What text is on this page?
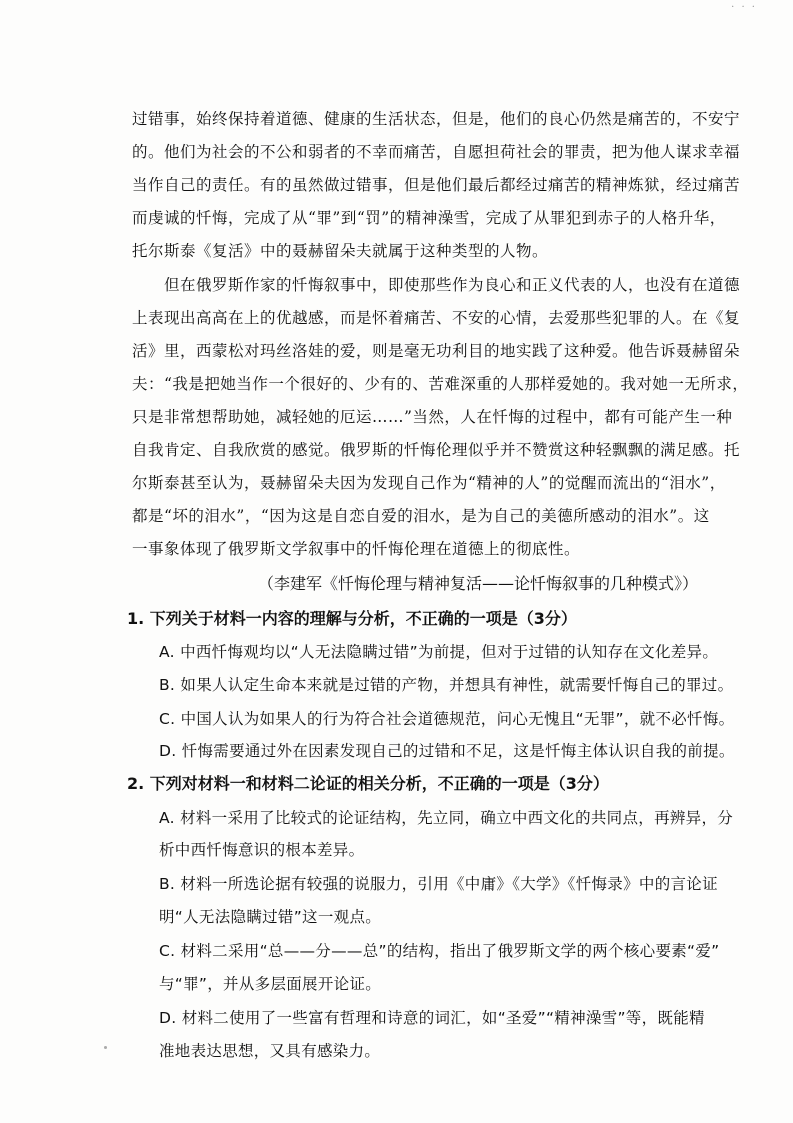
· · ·
过错事，始终保持着道德、健康的生活状态，但是，他们的良心仍然是痛苦的，不安宁
的。他们为社会的不公和弱者的不幸而痛苦，自愿担荷社会的罪责，把为他人谋求幸福
当作自己的责任。有的虽然做过错事，但是他们最后都经过痛苦的精神炼狱，经过痛苦
而虔诚的忏悔，完成了从“罪”到“罚”的精神澡雪，完成了从罪犯到赤子的人格升华，
托尔斯泰《复活》中的聂赫留朵夫就属于这种类型的人物。
　　但在俄罗斯作家的忏悔叙事中，即使那些作为良心和正义代表的人，也没有在道德
上表现出高高在上的优越感，而是怀着痛苦、不安的心情，去爱那些犯罪的人。在《复
活》里，西蒙松对玛丝洛娃的爱，则是毫无功利目的地实践了这种爱。他告诉聂赫留朵
夫：“我是把她当作一个很好的、少有的、苦难深重的人那样爱她的。我对她一无所求，
只是非常想帮助她，减轻她的厄运……”当然，人在忏悔的过程中，都有可能产生一种
自我肯定、自我欣赏的感觉。俄罗斯的忏悔伦理似乎并不赞赏这种轻飘飘的满足感。托
尔斯泰甚至认为，聂赫留朵夫因为发现自己作为“精神的人”的觉醒而流出的“泪水”，
都是“坏的泪水”，“因为这是自恋自爱的泪水，是为自己的美德所感动的泪水”。这
一事象体现了俄罗斯文学叙事中的忏悔伦理在道德上的彻底性。
（李建军《忏悔伦理与精神复活——论忏悔叙事的几种模式》）
1. 下列关于材料一内容的理解与分析，不正确的一项是（3分）
A. 中西忏悔观均以“人无法隐瞒过错”为前提，但对于过错的认知存在文化差异。
B. 如果人认定生命本来就是过错的产物，并想具有神性，就需要忏悔自己的罪过。
C. 中国人认为如果人的行为符合社会道德规范，问心无愧且“无罪”，就不必忏悔。
D. 忏悔需要通过外在因素发现自己的过错和不足，这是忏悔主体认识自我的前提。
2. 下列对材料一和材料二论证的相关分析，不正确的一项是（3分）
A. 材料一采用了比较式的论证结构，先立同，确立中西文化的共同点，再辨异，分
析中西忏悔意识的根本差异。
B. 材料一所选论据有较强的说服力，引用《中庸》《大学》《忏悔录》中的言论证
明“人无法隐瞒过错”这一观点。
C. 材料二采用“总——分——总”的结构，指出了俄罗斯文学的两个核心要素“爱”
与“罪”，并从多层面展开论证。
D. 材料二使用了一些富有哲理和诗意的词汇，如“圣爱”“精神澡雪”等，既能精
准地表达思想，又具有感染力。
